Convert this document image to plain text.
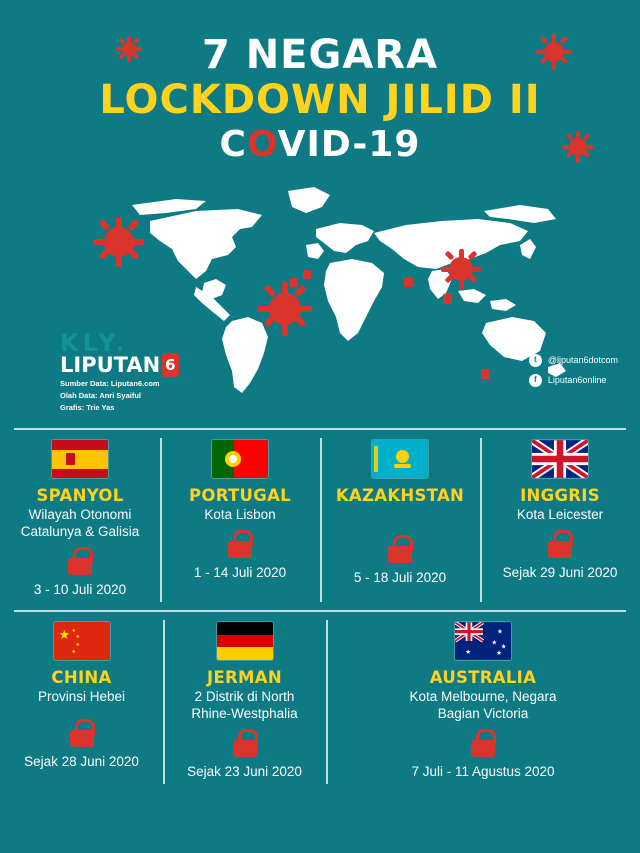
7 NEGARA
LOCKDOWN JILID II
COVID-19
KLY.
LIPUTAN 6
Sumber Data: Liputan6.com
Olah Data: Anri Syaiful
Grafis: Trie Yas
t	@liputan6dotcom
f	Liputan6online
SPANYOL
Wilayah Otonomi
Catalunya & Galisia
3 - 10 Juli 2020
PORTUGAL
Kota Lisbon
1 - 14 Juli 2020
KAZAKHSTAN
5 - 18 Juli 2020
INGGRIS
Kota Leicester
Sejak 29 Juni 2020
★ ★
★
★
★
CHINA
Provinsi Hebei
Sejak 28 Juni 2020
JERMAN
2 Distrik di North
Rhine-Westphalia
Sejak 23 Juni 2020
★
★
★
★
★
AUSTRALIA
Kota Melbourne, Negara
Bagian Victoria
7 Juli - 11 Agustus 2020
